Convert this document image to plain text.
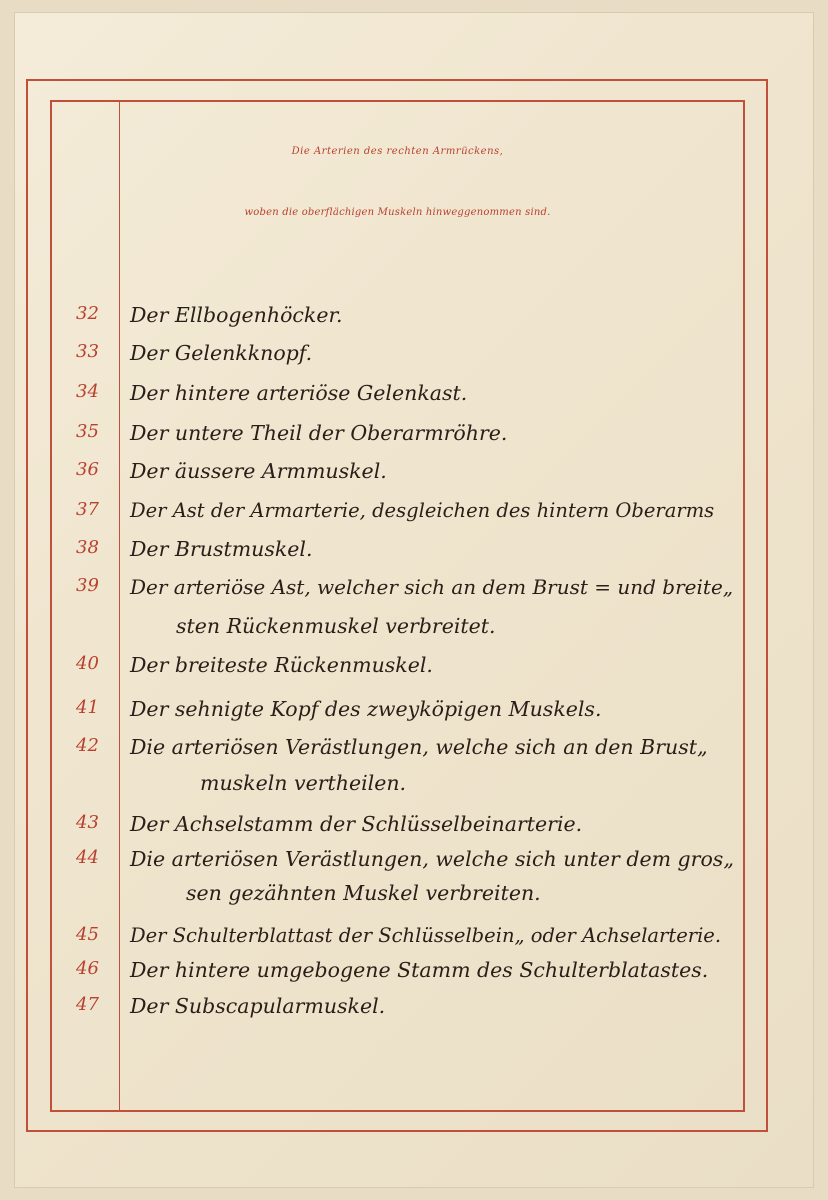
Die Arterien des rechten Armrückens,
woben die oberflächigen Muskeln hinweggenommen sind.
32	Der Ellbogenhöcker.
33	Der Gelenkknopf.
34	Der hintere arteriöse Gelenkast.
35	Der untere Theil der Oberarmröhre.
36	Der äussere Armmuskel.
37	Der Ast der Armarterie, desgleichen des hintern Oberarms
38	Der Brustmuskel.
39	Der arteriöse Ast, welcher sich an dem Brust = und breite„
sten Rückenmuskel verbreitet.
40	Der breiteste Rückenmuskel.
41	Der sehnigte Kopf des zweyköpigen Muskels.
42	Die arteriösen Verästlungen, welche sich an den Brust„
muskeln vertheilen.
43	Der Achselstamm der Schlüsselbeinarterie.
44	Die arteriösen Verästlungen, welche sich unter dem gros„
sen gezähnten Muskel verbreiten.
45	Der Schulterblattast der Schlüsselbein„ oder Achselarterie.
46	Der hintere umgebogene Stamm des Schulterblatastes.
47	Der Subscapularmuskel.
